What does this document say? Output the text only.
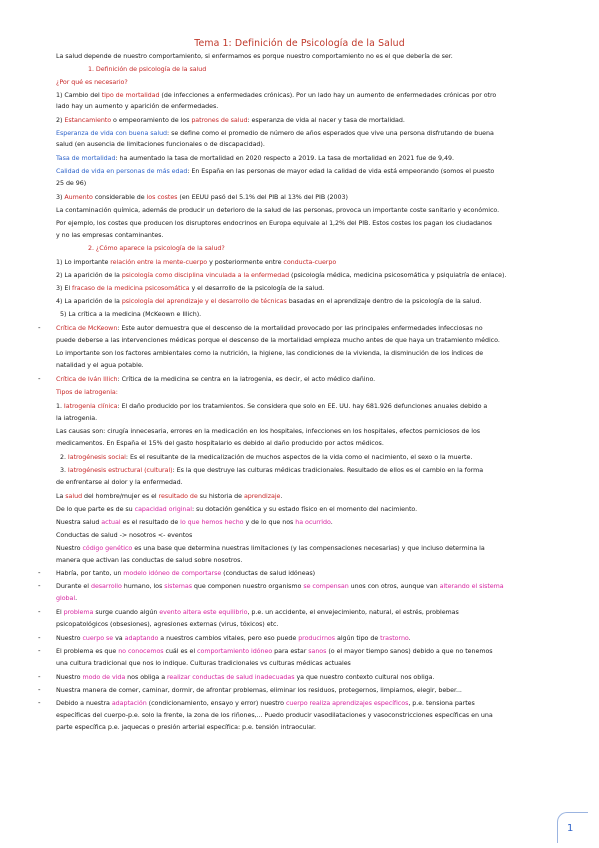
Tema 1: Definición de Psicología de la Salud
La salud depende de nuestro comportamiento, si enfermamos es porque nuestro comportamiento no es el que debería de ser.
1. Definición de psicología de la salud
¿Por qué es necesario?
1) Cambio del tipo de mortalidad (de infecciones a enfermedades crónicas). Por un lado hay un aumento de enfermedades crónicas por otro
lado hay un aumento y aparición de enfermedades.
2) Estancamiento o empeoramiento de los patrones de salud: esperanza de vida al nacer y tasa de mortalidad.
Esperanza de vida con buena salud: se define como el promedio de número de años esperados que vive una persona disfrutando de buena
salud (en ausencia de limitaciones funcionales o de discapacidad).
Tasa de mortalidad: ha aumentado la tasa de mortalidad en 2020 respecto a 2019. La tasa de mortalidad en 2021 fue de 9,49.
Calidad de vida en personas de más edad: En España en las personas de mayor edad la calidad de vida está empeorando (somos el puesto
25 de 96)
3) Aumento considerable de los costes (en EEUU pasó del 5.1% del PIB al 13% del PIB (2003)
La contaminación química, además de producir un deterioro de la salud de las personas, provoca un importante coste sanitario y económico.
Por ejemplo, los costes que producen los disruptores endocrinos en Europa equivale al 1,2% del PIB. Estos costes los pagan los ciudadanos
y no las empresas contaminantes.
2. ¿Cómo aparece la psicología de la salud?
1) Lo importante relación entre la mente-cuerpo y posteriormente entre conducta-cuerpo
2) La aparición de la psicología como disciplina vinculada a la enfermedad (psicología médica, medicina psicosomática y psiquiatría de enlace).
3) El fracaso de la medicina psicosomática y el desarrollo de la psicología de la salud.
4) La aparición de la psicología del aprendizaje y el desarrollo de técnicas basadas en el aprendizaje dentro de la psicología de la salud.
5) La crítica a la medicina (McKeown e Illich).
- Crítica de McKeown: Este autor demuestra que el descenso de la mortalidad provocado por las principales enfermedades infecciosas no
puede deberse a las intervenciones médicas porque el descenso de la mortalidad empieza mucho antes de que haya un tratamiento médico.
Lo importante son los factores ambientales como la nutrición, la higiene, las condiciones de la vivienda, la disminución de los índices de
natalidad y el agua potable.
- Crítica de Iván Illich: Crítica de la medicina se centra en la iatrogenia, es decir, el acto médico dañino.
Tipos de iatrogenia:
1. Iatrogenia clínica: El daño producido por los tratamientos. Se considera que solo en EE. UU. hay 681.926 defunciones anuales debido a
la iatrogenia.
Las causas son: cirugía innecesaria, errores en la medicación en los hospitales, infecciones en los hospitales, efectos perniciosos de los
medicamentos. En España el 15% del gasto hospitalario es debido al daño producido por actos médicos.
2. Iatrogénesis social: Es el resultante de la medicalización de muchos aspectos de la vida como el nacimiento, el sexo o la muerte.
3. Iatrogénesis estructural (cultural): Es la que destruye las culturas médicas tradicionales. Resultado de ellos es el cambio en la forma
de enfrentarse al dolor y la enfermedad.
La salud del hombre/mujer es el resultado de su historia de aprendizaje.
De lo que parte es de su capacidad original: su dotación genética y su estado físico en el momento del nacimiento.
Nuestra salud actual es el resultado de lo que hemos hecho y de lo que nos ha ocurrido.
Conductas de salud -> nosotros <- eventos
Nuestro código genético es una base que determina nuestras limitaciones (y las compensaciones necesarias) y que incluso determina la
manera que activan las conductas de salud sobre nosotros.
- Habría, por tanto, un modelo idóneo de comportarse (conductas de salud idóneas)
- Durante el desarrollo humano, los sistemas que componen nuestro organismo se compensan unos con otros, aunque van alterando el sistema
global.
- El problema surge cuando algún evento altera este equilibrio, p.e. un accidente, el envejecimiento, natural, el estrés, problemas
psicopatológicos (obsesiones), agresiones externas (virus, tóxicos) etc.
- Nuestro cuerpo se va adaptando a nuestros cambios vitales, pero eso puede producirnos algún tipo de trastorno.
- El problema es que no conocemos cuál es el comportamiento idóneo para estar sanos (o el mayor tiempo sanos) debido a que no tenemos
una cultura tradicional que nos lo indique. Culturas tradicionales vs culturas médicas actuales
- Nuestro modo de vida nos obliga a realizar conductas de salud inadecuadas ya que nuestro contexto cultural nos obliga.
- Nuestra manera de comer, caminar, dormir, de afrontar problemas, eliminar los residuos, protegernos, limpiarnos, elegir, beber...
- Debido a nuestra adaptación (condicionamiento, ensayo y error) nuestro cuerpo realiza aprendizajes específicos, p.e. tensiona partes
específicas del cuerpo-p.e. solo la frente, la zona de los riñones,... Puedo producir vasodilataciones y vasoconstricciones específicas en una
parte específica p.e. jaquecas o presión arterial específica: p.e. tensión intraocular.
1
